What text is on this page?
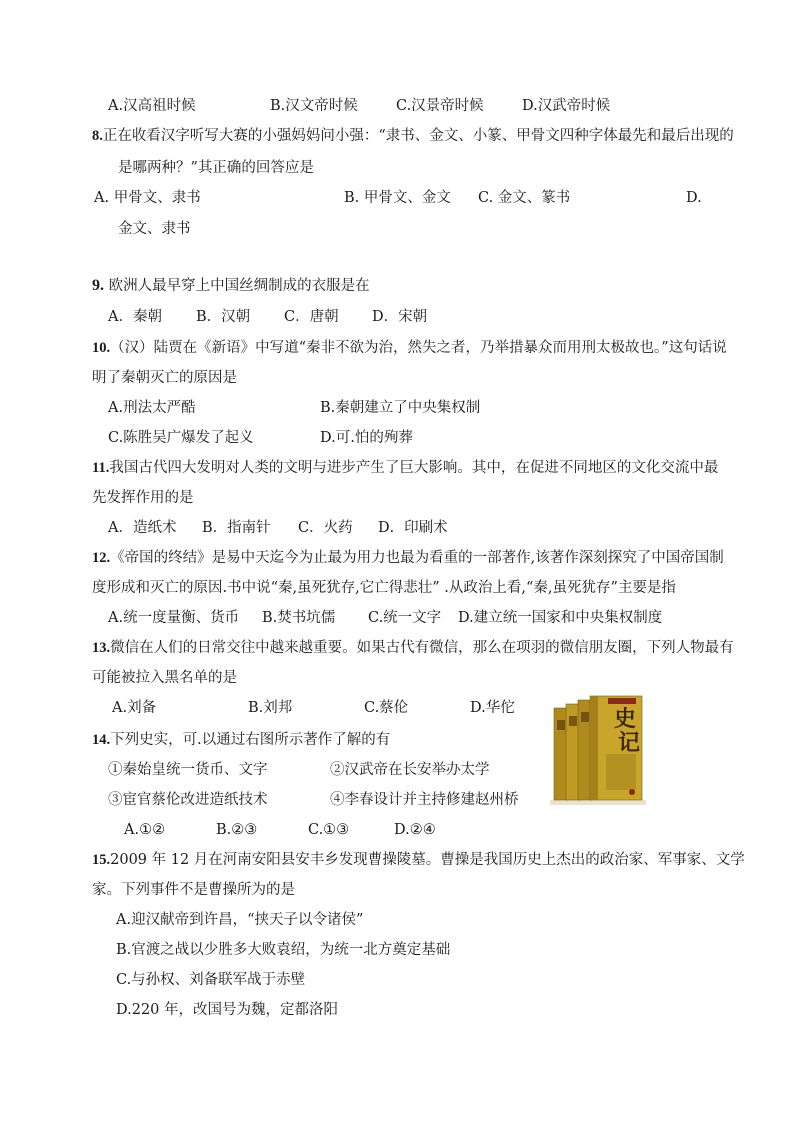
A.汉高祖时候	B.汉文帝时候	C.汉景帝时候	D.汉武帝时候
8.正在收看汉字听写大赛的小强妈妈问小强：“隶书、金文、小篆、甲骨文四种字体最先和最后出现的
是哪两种？”其正确的回答应是
A. 甲骨文、隶书	B. 甲骨文、金文 C. 金文、篆书	D.
金文、隶书
9. 欧洲人最早穿上中国丝绸制成的衣服是在
A．秦朝 B．汉朝 C．唐朝 D．宋朝
10.（汉）陆贾在《新语》中写道“秦非不欲为治，然失之者，乃举措暴众而用刑太极故也。”这句话说
明了秦朝灭亡的原因是
A.刑法太严酷	B.秦朝建立了中央集权制
C.陈胜吴广爆发了起义	D.可.怕的殉葬
11.我国古代四大发明对人类的文明与进步产生了巨大影响。其中，在促进不同地区的文化交流中最
先发挥作用的是
A．造纸术 B．指南针 C．火药 D．印刷术
12.《帝国的终结》是易中天迄今为止最为用力也最为看重的一部著作,该著作深刻探究了中国帝国制
度形成和灭亡的原因.书中说“秦,虽死犹存,它亡得悲壮” .从政治上看,“秦,虽死犹存”主要是指
A.统一度量衡、货币 B.焚书坑儒 C.统一文字 D.建立统一国家和中央集权制度
13.微信在人们的日常交往中越来越重要。如果古代有微信，那么在项羽的微信朋友圈，下列人物最有
可能被拉入黑名单的是
A.刘备	B.刘邦	C.蔡伦	D.华佗	史
记
14.下列史实，可.以通过右图所示著作了解的有
①秦始皇统一货币、文字	②汉武帝在长安举办太学
③宦官蔡伦改进造纸技术	④李春设计并主持修建赵州桥
A.①②	B.②③	C.①③	D.②④
15.2009 年 12 月在河南安阳县安丰乡发现曹操陵墓。曹操是我国历史上杰出的政治家、军事家、文学
家。下列事件不是曹操所为的是
A.迎汉献帝到许昌，“挟天子以令诸侯”
B.官渡之战以少胜多大败袁绍，为统一北方奠定基础
C.与孙权、刘备联军战于赤壁
D.220 年，改国号为魏，定都洛阳
